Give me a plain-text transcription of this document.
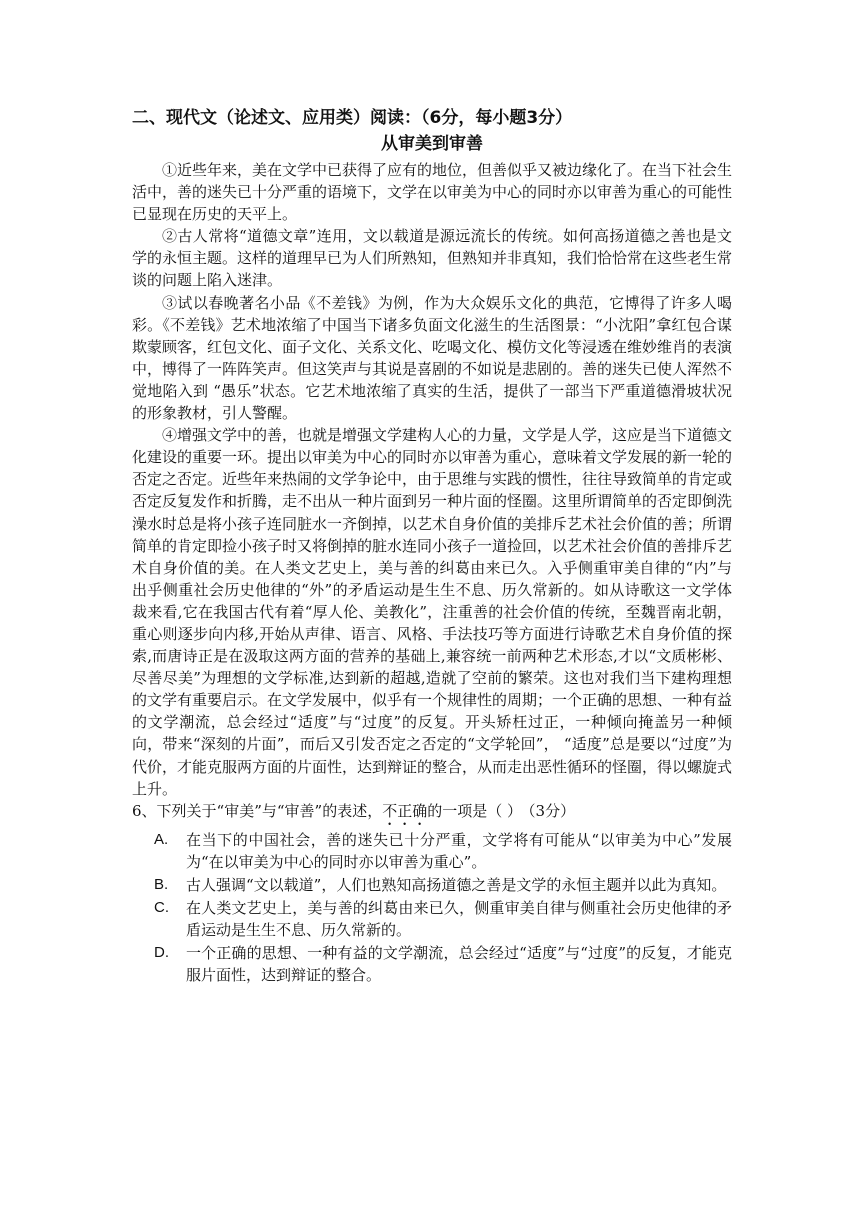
二、现代文（论述文、应用类）阅读：（6分，每小题3分）
从审美到审善

①近些年来，美在文学中已获得了应有的地位，但善似乎又被边缘化了。在当下社会生活中，善的迷失已十分严重的语境下，文学在以审美为中心的同时亦以审善为重心的可能性已显现在历史的天平上。

②古人常将“道德文章”连用，文以载道是源远流长的传统。如何高扬道德之善也是文学的永恒主题。这样的道理早已为人们所熟知，但熟知并非真知，我们恰恰常在这些老生常谈的问题上陷入迷津。

③试以春晚著名小品《不差钱》为例，作为大众娱乐文化的典范，它博得了许多人喝彩。《不差钱》艺术地浓缩了中国当下诸多负面文化滋生的生活图景：“小沈阳”拿红包合谋欺蒙顾客，红包文化、面子文化、关系文化、吃喝文化、模仿文化等浸透在维妙维肖的表演中，博得了一阵阵笑声。但这笑声与其说是喜剧的不如说是悲剧的。善的迷失已使人浑然不觉地陷入到 “愚乐”状态。它艺术地浓缩了真实的生活，提供了一部当下严重道德滑坡状况的形象教材，引人警醒。

④增强文学中的善，也就是增强文学建构人心的力量，文学是人学，这应是当下道德文化建设的重要一环。提出以审美为中心的同时亦以审善为重心，意味着文学发展的新一轮的否定之否定。近些年来热闹的文学争论中，由于思维与实践的惯性，往往导致简单的肯定或否定反复发作和折腾，走不出从一种片面到另一种片面的怪圈。这里所谓简单的否定即倒洗澡水时总是将小孩子连同脏水一齐倒掉，以艺术自身价值的美排斥艺术社会价值的善；所谓简单的肯定即捡小孩子时又将倒掉的脏水连同小孩子一道捡回，以艺术社会价值的善排斥艺术自身价值的美。在人类文艺史上，美与善的纠葛由来已久。入乎侧重审美自律的“内”与出乎侧重社会历史他律的“外”的矛盾运动是生生不息、历久常新的。如从诗歌这一文学体裁来看,它在我国古代有着“厚人伦、美教化”，注重善的社会价值的传统，至魏晋南北朝，重心则逐步向内移,开始从声律、语言、风格、手法技巧等方面进行诗歌艺术自身价值的探索,而唐诗正是在汲取这两方面的营养的基础上,兼容统一前两种艺术形态,才以“文质彬彬、尽善尽美”为理想的文学标准,达到新的超越,造就了空前的繁荣。这也对我们当下建构理想的文学有重要启示。在文学发展中，似乎有一个规律性的周期；一个正确的思想、一种有益的文学潮流，总会经过“适度”与“过度”的反复。开头矫枉过正，一种倾向掩盖另一种倾向，带来“深刻的片面”，而后又引发否定之否定的“文学轮回”， “适度”总是要以“过度”为代价，才能克服两方面的片面性，达到辩证的整合，从而走出恶性循环的怪圈，得以螺旋式上升。

6、下列关于“审美”与“审善”的表述，不正确的一项是（ ） （3分）

A.	在当下的中国社会，善的迷失已十分严重，文学将有可能从“以审美为中心”发展为“在以审美为中心的同时亦以审善为重心”。
B.	古人强调“文以载道”，人们也熟知高扬道德之善是文学的永恒主题并以此为真知。
C.	在人类文艺史上，美与善的纠葛由来已久，侧重审美自律与侧重社会历史他律的矛盾运动是生生不息、历久常新的。
D.	一个正确的思想、一种有益的文学潮流，总会经过“适度”与“过度”的反复，才能克服片面性，达到辩证的整合。
